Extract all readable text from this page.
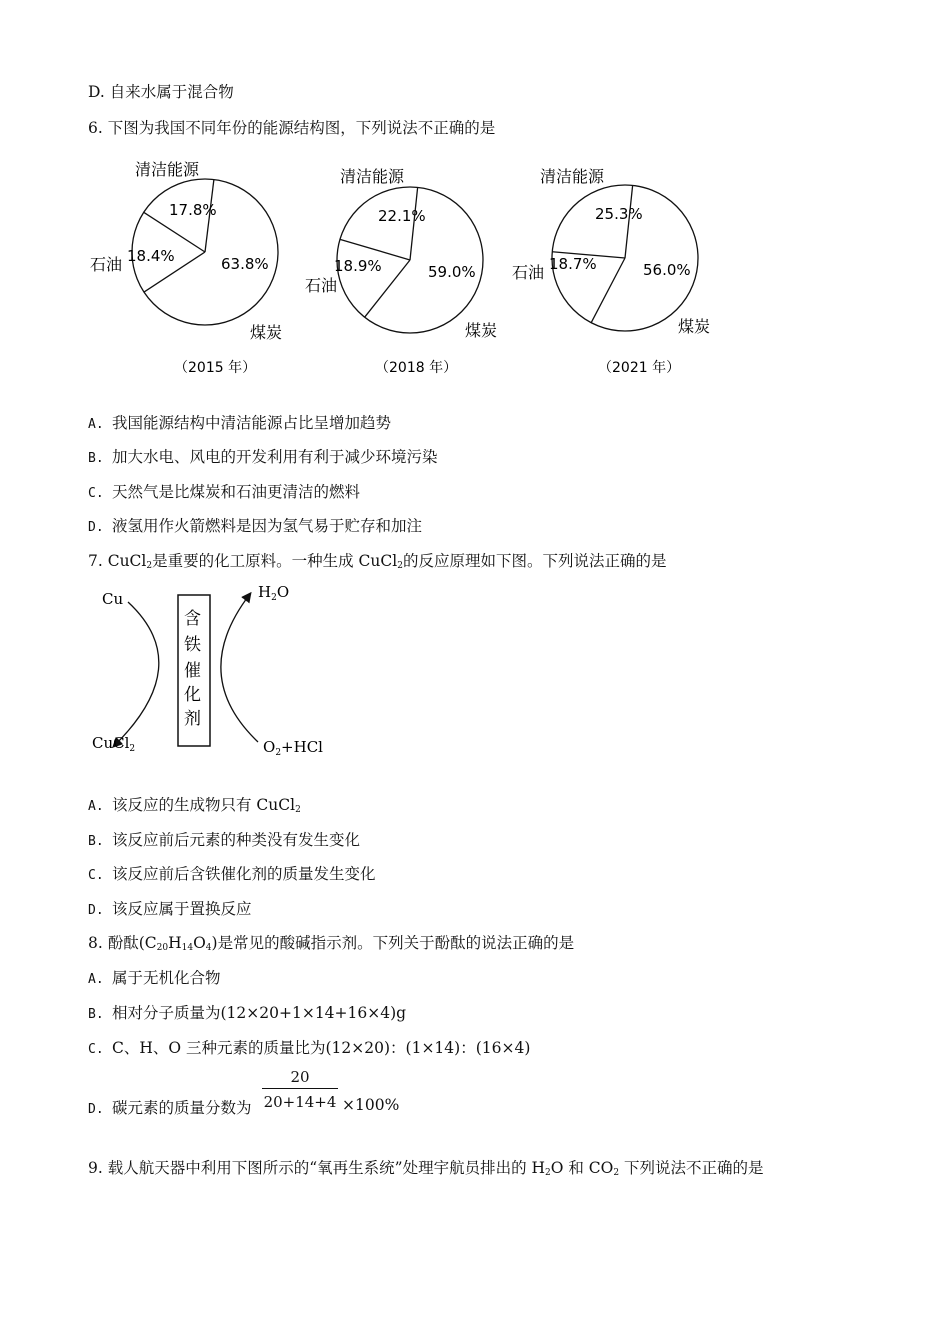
D. 自来水属于混合物
6. 下图为我国不同年份的能源结构图，下列说法不正确的是
17.8%
18.4%	63.8%
（2015 年）
22.1%
18.9%	59.0%
（2018 年）
25.3%
18.7%	56.0%
（2021 年）
清洁能源
石油
煤炭
清洁能源
石油
煤炭
清洁能源
石油
煤炭
A. 我国能源结构中清洁能源占比呈增加趋势
B. 加大水电、风电的开发利用有利于减少环境污染
C. 天然气是比煤炭和石油更清洁的燃料
D. 液氢用作火箭燃料是因为氢气易于贮存和加注
7. CuCl$_2$是重要的化工原料。一种生成 CuCl$_2$的反应原理如下图。下列说法正确的是
含
铁
催
化
剂
Cu	$H_2O$
CuCl$_2$	$O_2+HCl$
A. 该反应的生成物只有 CuCl$_2$
B. 该反应前后元素的种类没有发生变化
C. 该反应前后含铁催化剂的质量发生变化
D. 该反应属于置换反应
8. 酚酞$(C_{20}H_{14}O_4)$是常见的酸碱指示剂。下列关于酚酞的说法正确的是
A. 属于无机化合物
B. 相对分子质量为(12×20+1×14+16×4)g
C. C、H、O 三种元素的质量比为(12×20)：(1×14)：(16×4)
D. 碳元素的质量分数为 $\frac{20}{20+14+4} \times 100\%$
9. 载人航天器中利用下图所示的“氧再生系统”处理宇航员排出的 $H_2O$ 和 $CO_2$ 下列说法不正确的是
